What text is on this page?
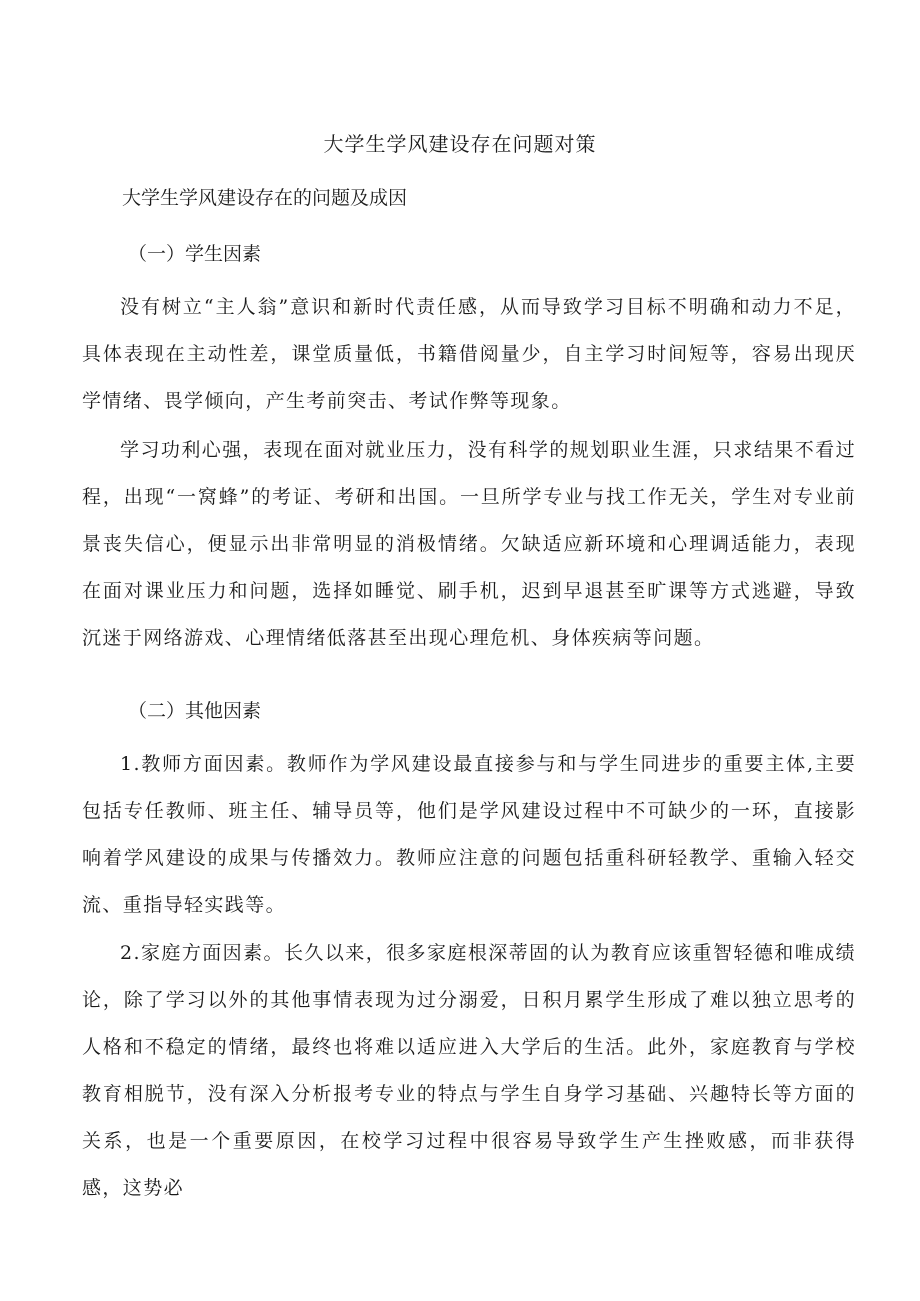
大学生学风建设存在问题对策
大学生学风建设存在的问题及成因
（一）学生因素
没有树立“主人翁”意识和新时代责任感，从而导致学习目标不明确和动力不足，具体表现在主动性差，课堂质量低，书籍借阅量少，自主学习时间短等，容易出现厌学情绪、畏学倾向，产生考前突击、考试作弊等现象。
学习功利心强，表现在面对就业压力，没有科学的规划职业生涯，只求结果不看过程，出现“一窝蜂”的考证、考研和出国。一旦所学专业与找工作无关，学生对专业前景丧失信心，便显示出非常明显的消极情绪。欠缺适应新环境和心理调适能力，表现在面对课业压力和问题，选择如睡觉、刷手机，迟到早退甚至旷课等方式逃避，导致沉迷于网络游戏、心理情绪低落甚至出现心理危机、身体疾病等问题。
（二）其他因素
1.教师方面因素。教师作为学风建设最直接参与和与学生同进步的重要主体,主要包括专任教师、班主任、辅导员等，他们是学风建设过程中不可缺少的一环，直接影响着学风建设的成果与传播效力。教师应注意的问题包括重科研轻教学、重输入轻交流、重指导轻实践等。
2.家庭方面因素。长久以来，很多家庭根深蒂固的认为教育应该重智轻德和唯成绩论，除了学习以外的其他事情表现为过分溺爱，日积月累学生形成了难以独立思考的人格和不稳定的情绪，最终也将难以适应进入大学后的生活。此外，家庭教育与学校教育相脱节，没有深入分析报考专业的特点与学生自身学习基础、兴趣特长等方面的关系，也是一个重要原因，在校学习过程中很容易导致学生产生挫败感，而非获得感，这势必
